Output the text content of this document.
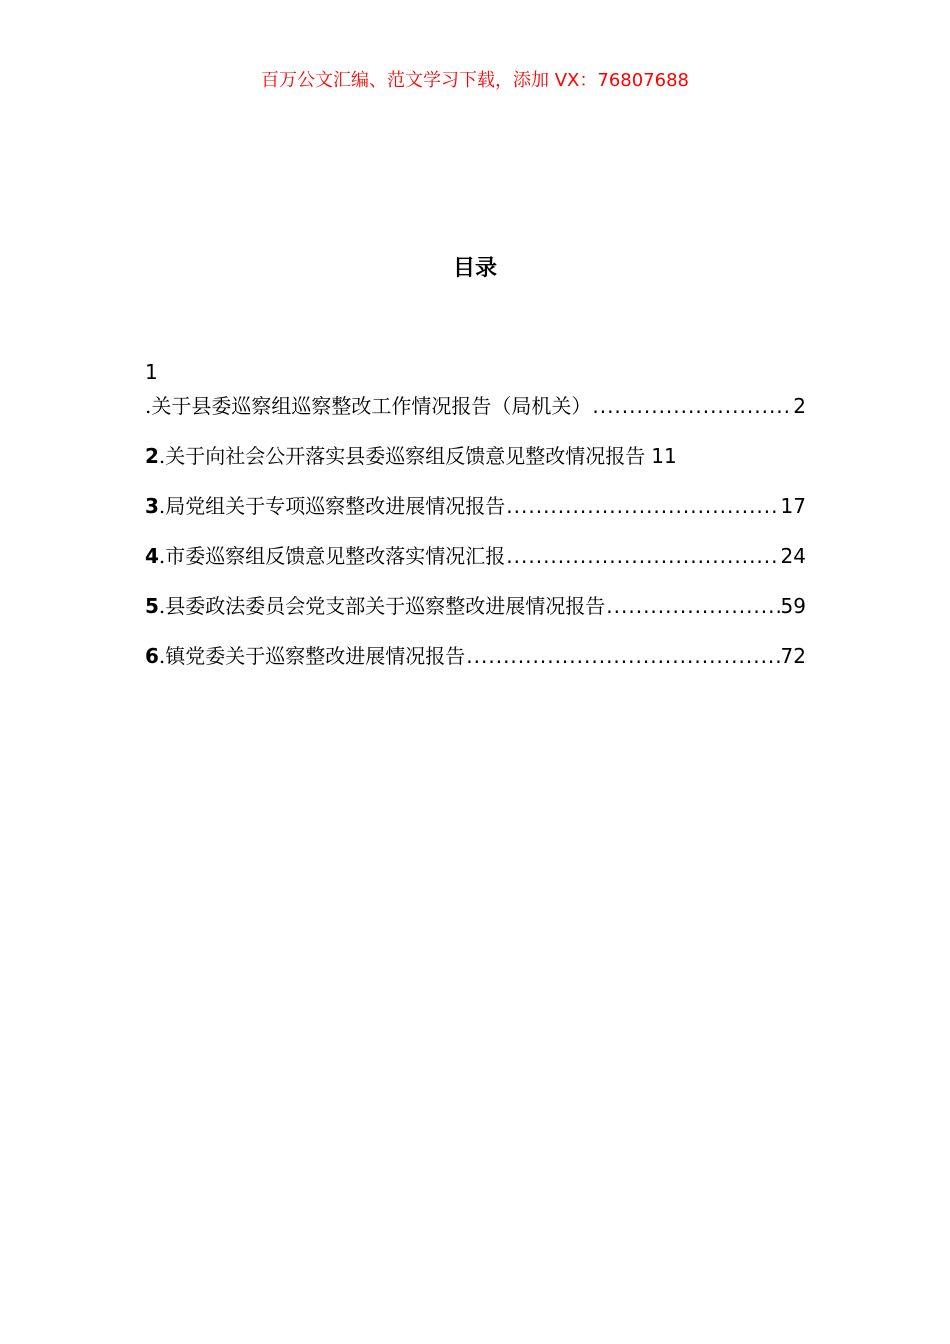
百万公文汇编、范文学习下载，添加 VX：76807688
目录
1
.关于县委巡察组巡察整改工作情况报告（局机关） .....	2
2 .关于向社会公开落实县委巡察组反馈意见整改情况报告 11
3 .局党组关于专项巡察整改进展情况报告 .....	17
4 .市委巡察组反馈意见整改落实情况汇报 .....	24
5 .县委政法委员会党支部关于巡察整改进展情况报告 .....	59
6 .镇党委关于巡察整改进展情况报告 .....	72
